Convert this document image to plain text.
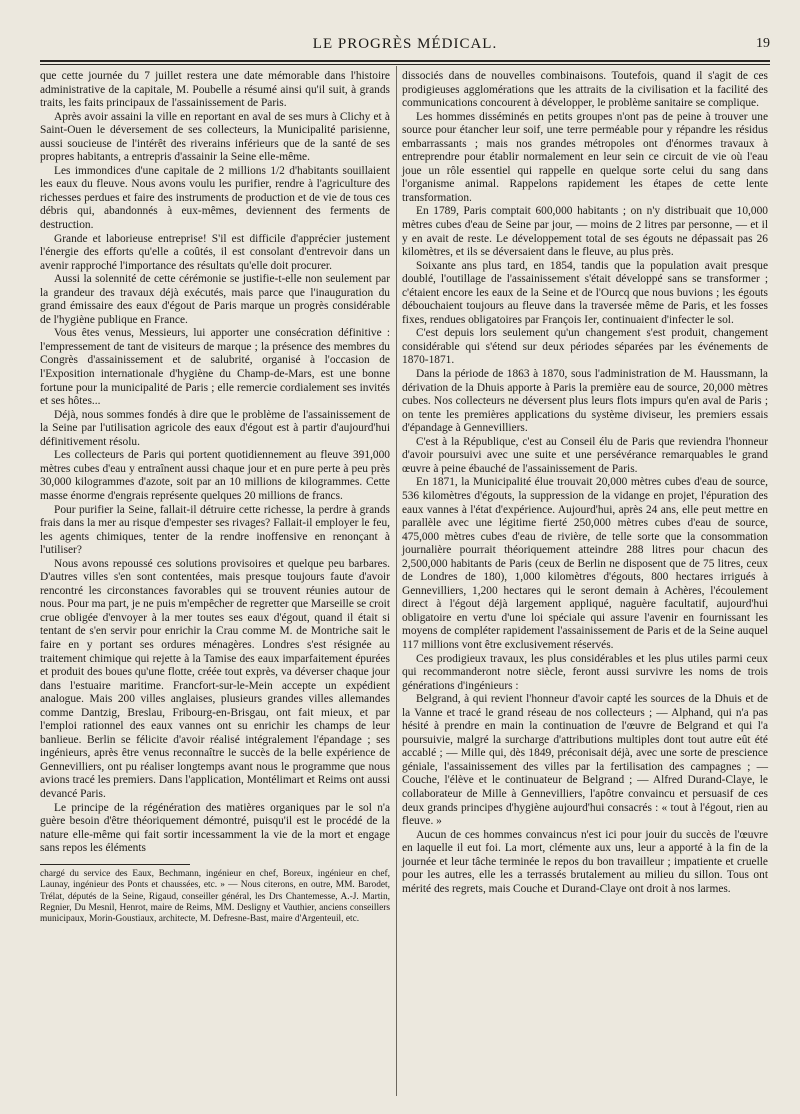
LE PROGRÈS MÉDICAL.	19

que cette journée du 7 juillet restera une date mémorable dans l'histoire administrative de la capitale, M. Poubelle a résumé ainsi qu'il suit, à grands traits, les faits principaux de l'assainissement de Paris.

Après avoir assaini la ville en reportant en aval de ses murs à Clichy et à Saint-Ouen le déversement de ses collecteurs, la Municipalité parisienne, aussi soucieuse de l'intérêt des riverains inférieurs que de la santé de ses propres habitants, a entrepris d'assainir la Seine elle-même.

Les immondices d'une capitale de 2 millions 1/2 d'habitants souillaient les eaux du fleuve. Nous avons voulu les purifier, rendre à l'agriculture des richesses perdues et faire des instruments de production et de vie de tous ces débris qui, abandonnés à eux-mêmes, deviennent des ferments de destruction.

Grande et laborieuse entreprise! S'il est difficile d'apprécier justement l'énergie des efforts qu'elle a coûtés, il est consolant d'entrevoir dans un avenir rapproché l'importance des résultats qu'elle doit procurer.

Aussi la solennité de cette cérémonie se justifie-t-elle non seulement par la grandeur des travaux déjà exécutés, mais parce que l'inauguration du grand émissaire des eaux d'égout de Paris marque un progrès considérable de l'hygiène publique en France.

Vous êtes venus, Messieurs, lui apporter une consécration définitive : l'empressement de tant de visiteurs de marque ; la présence des membres du Congrès d'assainissement et de salubrité, organisé à l'occasion de l'Exposition internationale d'hygiène du Champ-de-Mars, est une bonne fortune pour la municipalité de Paris ; elle remercie cordialement ses invités et ses hôtes...

Déjà, nous sommes fondés à dire que le problème de l'assainissement de la Seine par l'utilisation agricole des eaux d'égout est à partir d'aujourd'hui définitivement résolu.

Les collecteurs de Paris qui portent quotidiennement au fleuve 391,000 mètres cubes d'eau y entraînent aussi chaque jour et en pure perte à peu près 30,000 kilogrammes d'azote, soit par an 10 millions de kilogrammes. Cette masse énorme d'engrais représente quelques 20 millions de francs.

Pour purifier la Seine, fallait-il détruire cette richesse, la perdre à grands frais dans la mer au risque d'empester ses rivages? Fallait-il employer le feu, les agents chimiques, tenter de la rendre inoffensive en renonçant à l'utiliser?

Nous avons repoussé ces solutions provisoires et quelque peu barbares. D'autres villes s'en sont contentées, mais presque toujours faute d'avoir rencontré les circonstances favorables qui se trouvent réunies autour de nous. Pour ma part, je ne puis m'empêcher de regretter que Marseille se croit crue obligée d'envoyer à la mer toutes ses eaux d'égout, quand il était si tentant de s'en servir pour enrichir la Crau comme M. de Montriche sait le faire en y portant ses ordures ménagères. Londres s'est résignée au traitement chimique qui rejette à la Tamise des eaux imparfaitement épurées et produit des boues qu'une flotte, créée tout exprès, va déverser chaque jour dans l'estuaire maritime. Francfort-sur-le-Mein accepte un expédient analogue. Mais 200 villes anglaises, plusieurs grandes villes allemandes comme Dantzig, Breslau, Fribourg-en-Brisgau, ont fait mieux, et par l'emploi rationnel des eaux vannes ont su enrichir les champs de leur banlieue. Berlin se félicite d'avoir réalisé intégralement l'épandage ; ses ingénieurs, après être venus reconnaître le succès de la belle expérience de Gennevilliers, ont pu réaliser longtemps avant nous le programme que nous avions tracé les premiers. Dans l'application, Montélimart et Reims ont aussi devancé Paris.

Le principe de la régénération des matières organiques par le sol n'a guère besoin d'être théoriquement démontré, puisqu'il est le procédé de la nature elle-même qui fait sortir incessamment la vie de la mort et engage sans repos les éléments

chargé du service des Eaux, Bechmann, ingénieur en chef, Boreux, ingénieur en chef, Launay, ingénieur des Ponts et chaussées, etc. » — Nous citerons, en outre, MM. Barodet, Trélat, députés de la Seine, Rigaud, conseiller général, les Drs Chantemesse, A.-J. Martin, Regnier, Du Mesnil, Henrot, maire de Reims, MM. Desligny et Vauthier, anciens conseillers municipaux, Morin-Goustiaux, architecte, M. Defresne-Bast, maire d'Argenteuil, etc.

dissociés dans de nouvelles combinaisons. Toutefois, quand il s'agit de ces prodigieuses agglomérations que les attraits de la civilisation et la facilité des communications concourent à développer, le problème sanitaire se complique.

Les hommes disséminés en petits groupes n'ont pas de peine à trouver une source pour étancher leur soif, une terre perméable pour y répandre les résidus embarrassants ; mais nos grandes métropoles ont d'énormes travaux à entreprendre pour établir normalement en leur sein ce circuit de vie où l'eau joue un rôle essentiel qui rappelle en quelque sorte celui du sang dans l'organisme animal. Rappelons rapidement les étapes de cette lente transformation.

En 1789, Paris comptait 600,000 habitants ; on n'y distribuait que 10,000 mètres cubes d'eau de Seine par jour, — moins de 2 litres par personne, — et il y en avait de reste. Le développement total de ses égouts ne dépassait pas 26 kilomètres, et ils se déversaient dans le fleuve, au plus près.

Soixante ans plus tard, en 1854, tandis que la population avait presque doublé, l'outillage de l'assainissement s'était développé sans se transformer ; c'étaient encore les eaux de la Seine et de l'Ourcq que nous buvions ; les égouts débouchaient toujours au fleuve dans la traversée même de Paris, et les fosses fixes, rendues obligatoires par François Ier, continuaient d'infecter le sol.

C'est depuis lors seulement qu'un changement s'est produit, changement considérable qui s'étend sur deux périodes séparées par les événements de 1870-1871.

Dans la période de 1863 à 1870, sous l'administration de M. Haussmann, la dérivation de la Dhuis apporte à Paris la première eau de source, 20,000 mètres cubes. Nos collecteurs ne déversent plus leurs flots impurs qu'en aval de Paris ; on tente les premières applications du système diviseur, les premiers essais d'épandage à Gennevilliers.

C'est à la République, c'est au Conseil élu de Paris que reviendra l'honneur d'avoir poursuivi avec une suite et une persévérance remarquables le grand œuvre à peine ébauché de l'assainissement de Paris.

En 1871, la Municipalité élue trouvait 20,000 mètres cubes d'eau de source, 536 kilomètres d'égouts, la suppression de la vidange en projet, l'épuration des eaux vannes à l'état d'expérience. Aujourd'hui, après 24 ans, elle peut mettre en parallèle avec une légitime fierté 250,000 mètres cubes d'eau de source, 475,000 mètres cubes d'eau de rivière, de telle sorte que la consommation journalière pourrait théoriquement atteindre 288 litres pour chacun des 2,500,000 habitants de Paris (ceux de Berlin ne disposent que de 75 litres, ceux de Londres de 180), 1,000 kilomètres d'égouts, 800 hectares irrigués à Gennevilliers, 1,200 hectares qui le seront demain à Achères, l'écoulement direct à l'égout déjà largement appliqué, naguère facultatif, aujourd'hui obligatoire en vertu d'une loi spéciale qui assure l'avenir en fournissant les moyens de compléter rapidement l'assainissement de Paris et de la Seine auquel 117 millions vont être exclusivement réservés.

Ces prodigieux travaux, les plus considérables et les plus utiles parmi ceux qui recommanderont notre siècle, feront aussi survivre les noms de trois générations d'ingénieurs :

Belgrand, à qui revient l'honneur d'avoir capté les sources de la Dhuis et de la Vanne et tracé le grand réseau de nos collecteurs ; — Alphand, qui n'a pas hésité à prendre en main la continuation de l'œuvre de Belgrand et qui l'a poursuivie, malgré la surcharge d'attributions multiples dont tout autre eût été accablé ; — Mille qui, dès 1849, préconisait déjà, avec une sorte de prescience géniale, l'assainissement des villes par la fertilisation des campagnes ; — Couche, l'élève et le continuateur de Belgrand ; — Alfred Durand-Claye, le collaborateur de Mille à Gennevilliers, l'apôtre convaincu et persuasif de ces deux grands principes d'hygiène aujourd'hui consacrés : « tout à l'égout, rien au fleuve. »

Aucun de ces hommes convaincus n'est ici pour jouir du succès de l'œuvre en laquelle il eut foi. La mort, clémente aux uns, leur a apporté à la fin de la journée et leur tâche terminée le repos du bon travailleur ; impatiente et cruelle pour les autres, elle les a terrassés brutalement au milieu du sillon. Tous ont mérité des regrets, mais Couche et Durand-Claye ont droit à nos larmes.
